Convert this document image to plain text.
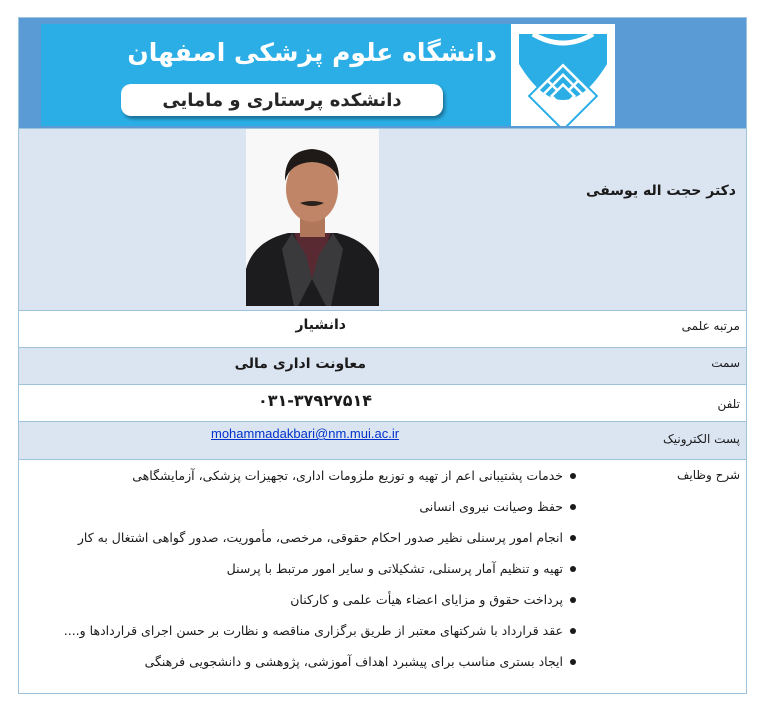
دانشگاه علوم پزشکی اصفهان
دانشکده پرستاری و مامایی
دکتر حجت اله یوسفی
مرتبه علمی
دانشیار
سمت
معاونت اداری مالی
تلفن
۰۳۱-۳۷۹۲۷۵۱۴
پست الکترونیک
mohammadakbari@nm.mui.ac.ir
شرح وظایف
خدمات پشتیبانی اعم از تهیه و توزیع ملزومات اداری، تجهیزات پزشکی، آزمایشگاهی
حفظ وصیانت نیروی انسانی
انجام امور پرسنلی نظیر صدور احکام حقوقی، مرخصی، مأموریت، صدور گواهی اشتغال به کار
تهیه و تنظیم آمار پرسنلی، تشکیلاتی و سایر امور مرتبط با پرسنل
پرداخت حقوق و مزایای اعضاء هیأت علمی و کارکنان
عقد قرارداد با شرکتهای معتبر از طریق برگزاری مناقصه و نظارت بر حسن اجرای قراردادها و....
ایجاد بستری مناسب برای پیشبرد اهداف آموزشی، پژوهشی و دانشجویی فرهنگی
